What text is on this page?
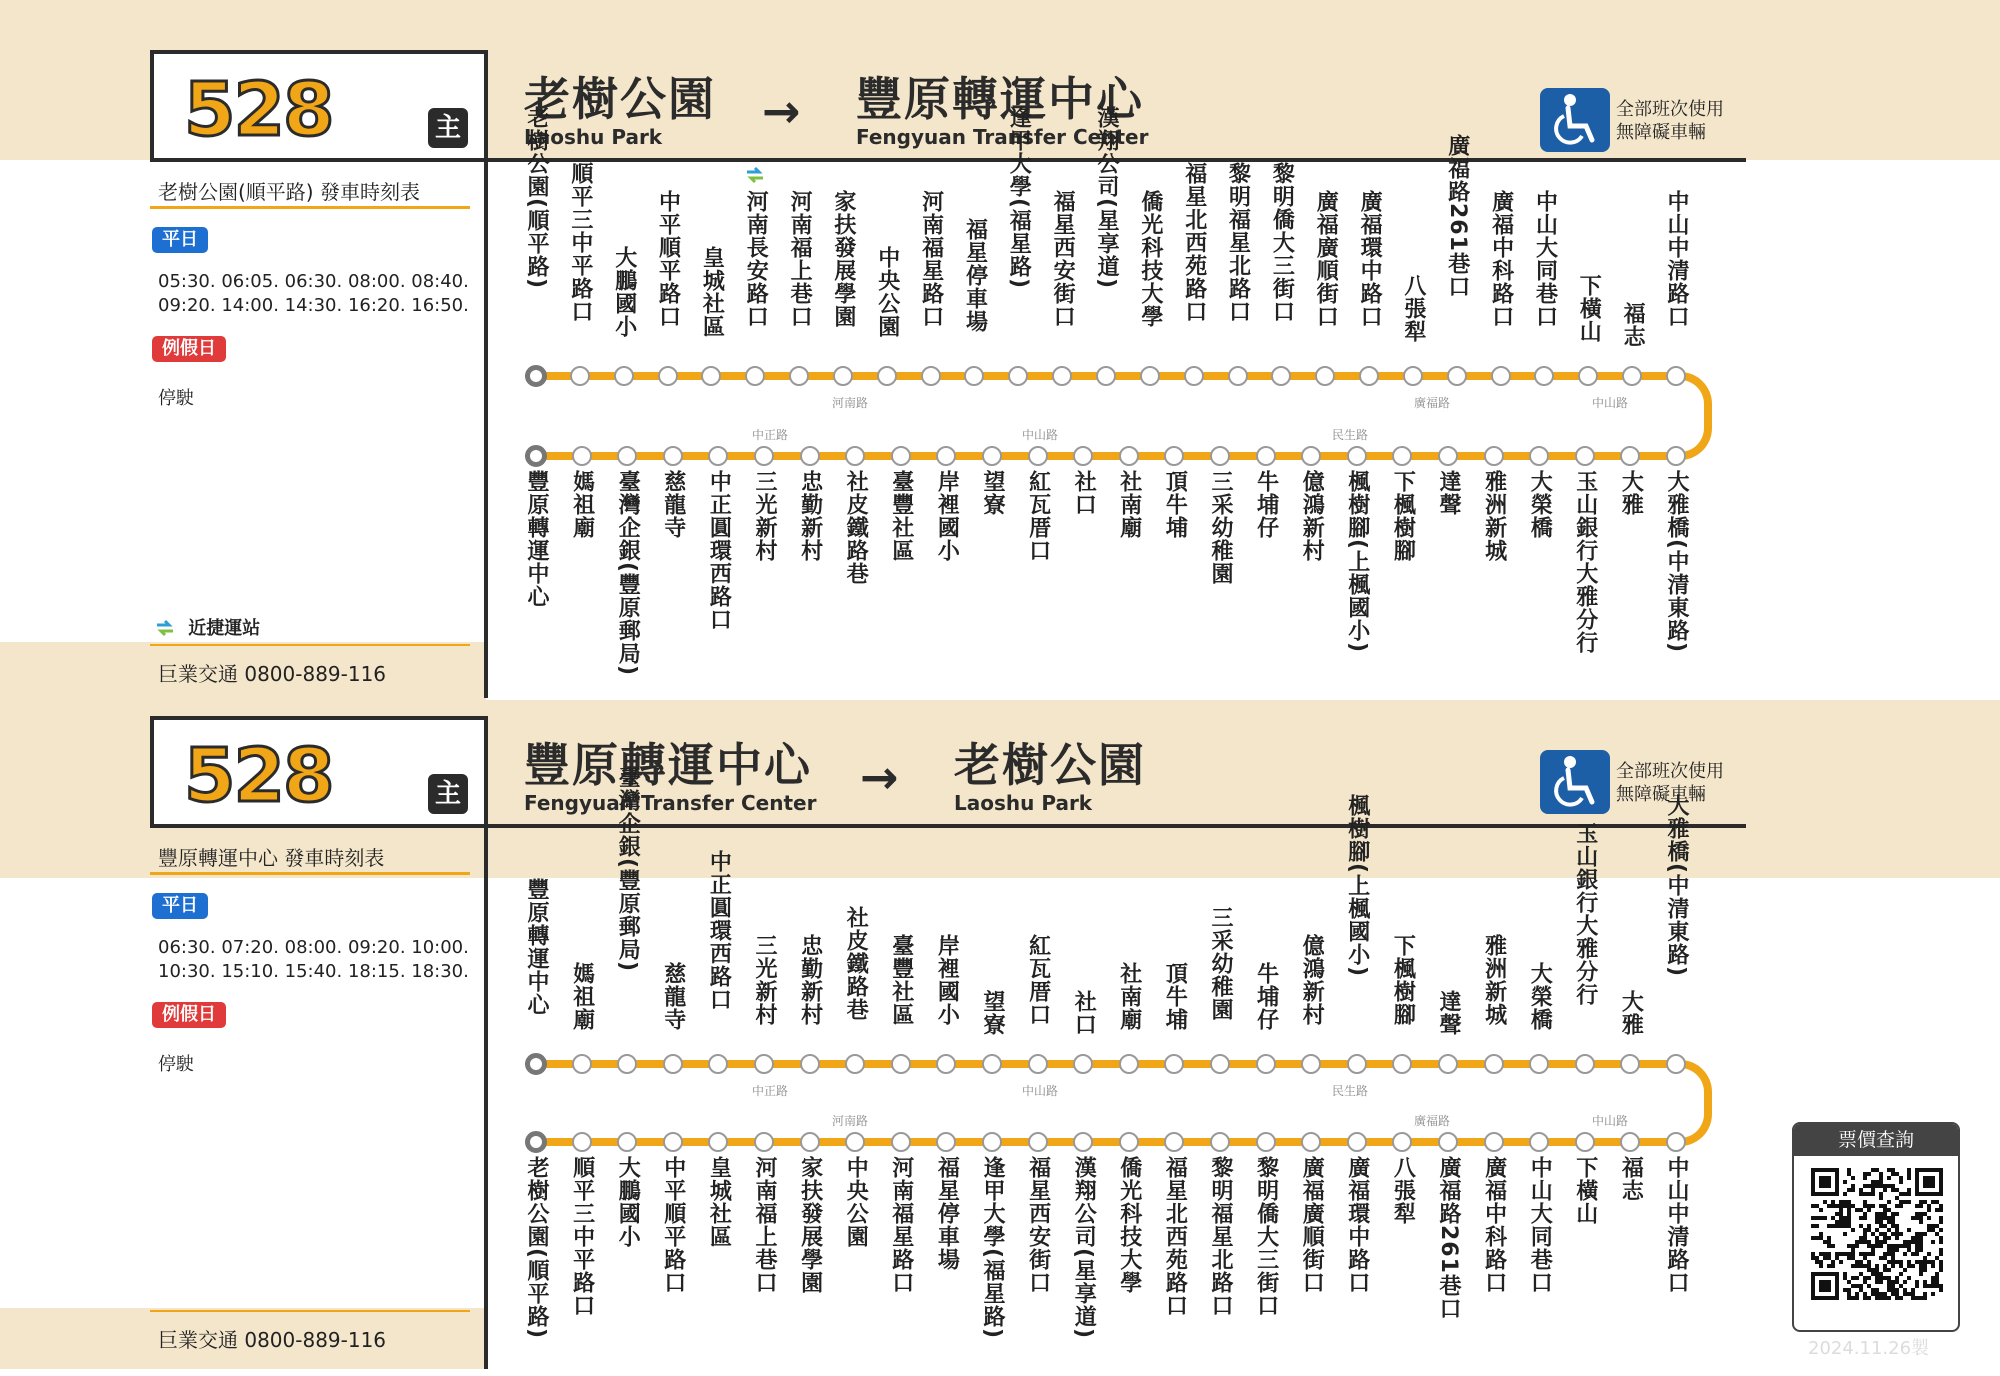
528	主
老樹公園
Laoshu Park	→ 豐原轉運中心
Fengyuan Transfer Center
全部班次使用
無障礙車輛
老樹公園(順平路) 發車時刻表
平日
05:30. 06:05. 06:30. 08:00. 08:40.
09:20. 14:00. 14:30. 16:20. 16:50.
例假日
停駛
近捷運站
巨業交通 0800-889-116
老樹公園(順平路) 順平三中平路口 大鵬國小 中平順平路口 皇城社區 河南長安路口 河南福上巷口 家扶發展學園 中央公園 河南福星路口 福星停車場 逢甲大學(福星路) 福星西安街口 漢翔公司(星享道) 僑光科技大學 福星北西苑路口 黎明福星北路口 黎明僑大三街口 廣福廣順街口 廣福環中路口 八張犁
廣福路261巷口 廣福中科路口 中山大同巷口 下橫山 福志 中山中清路口
豐原轉運中心 媽祖廟 臺灣企銀(豐原郵局) 慈龍寺 中正圓環西路口 三光新村 忠勤新村 社皮鐵路巷 臺豐社區 岸裡國小 望寮 紅瓦厝口 社口 社南廟 頂牛埔 三采幼稚園 牛埔仔 億鴻新村 楓樹腳(上楓國小) 下楓樹腳 達聲 雅洲新城 大榮橋 玉山銀行大雅分行 大雅 大雅橋(中清東路)
河南路	廣福路	中山路
中正路	中山路	民生路
528	主
豐原轉運中心
Fengyuan Transfer Center → 老樹公園
Laoshu Park
全部班次使用
無障礙車輛
豐原轉運中心 發車時刻表
平日
06:30. 07:20. 08:00. 09:20. 10:00.
10:30. 15:10. 15:40. 18:15. 18:30.
例假日
停駛
巨業交通 0800-889-116
豐原轉運中心 媽祖廟
臺灣企銀(豐原郵局)
慈龍寺 中正圓環西路口 三光新村 忠勤新村 社皮鐵路巷 臺豐社區 岸裡國小 望寮 紅瓦厝口 社口 社南廟 頂牛埔 三采幼稚園 牛埔仔 億鴻新村
楓樹腳(上楓國小)
下楓樹腳 達聲 雅洲新城 大榮橋 玉山銀行大雅分行
大雅
大雅橋(中清東路)
老樹公園(順平路) 順平三中平路口 大鵬國小 中平順平路口 皇城社區 河南福上巷口 家扶發展學園 中央公園 河南福星路口 福星停車場 逢甲大學(福星路) 福星西安街口 漢翔公司(星享道) 僑光科技大學 福星北西苑路口 黎明福星北路口 黎明僑大三街口 廣福廣順街口 廣福環中路口 八張犁 廣福路261巷口 廣福中科路口 中山大同巷口 下橫山 福志 中山中清路口
中正路	中山路	民生路
河南路	廣福路	中山路
票價查詢
2024.11.26製
